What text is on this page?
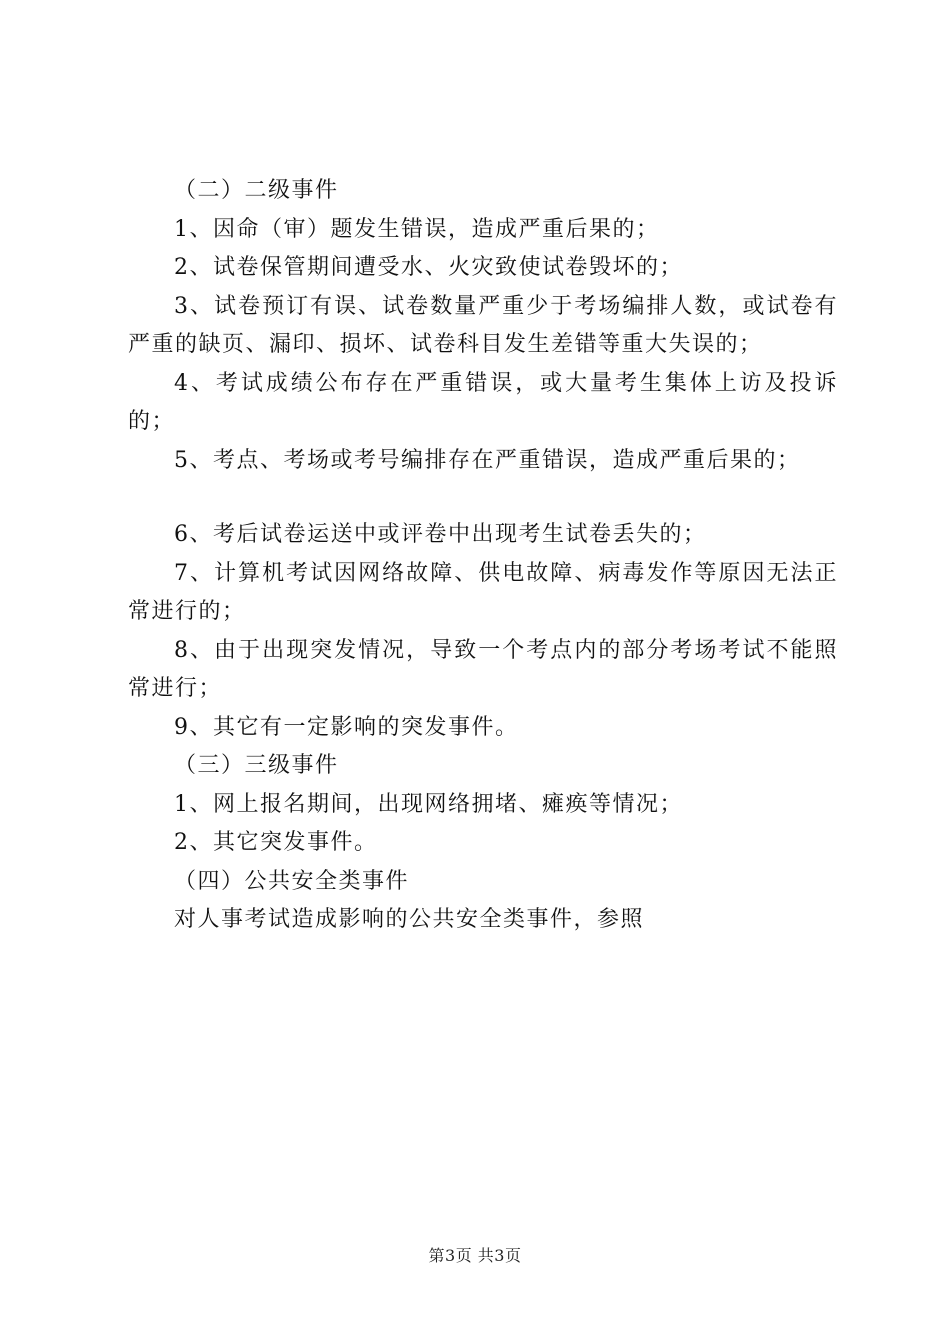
（二）二级事件

1、因命（审）题发生错误，造成严重后果的；

2、试卷保管期间遭受水、火灾致使试卷毁坏的；

3、试卷预订有误、试卷数量严重少于考场编排人数，或试卷有严重的缺页、漏印、损坏、试卷科目发生差错等重大失误的；

4、考试成绩公布存在严重错误，或大量考生集体上访及投诉的；

5、考点、考场或考号编排存在严重错误，造成严重后果的；

6、考后试卷运送中或评卷中出现考生试卷丢失的；

7、计算机考试因网络故障、供电故障、病毒发作等原因无法正常进行的；

8、由于出现突发情况，导致一个考点内的部分考场考试不能照常进行；

9、其它有一定影响的突发事件。

（三）三级事件

1、网上报名期间，出现网络拥堵、瘫痪等情况；

2、其它突发事件。

（四）公共安全类事件

对人事考试造成影响的公共安全类事件，参照

第3页 共3页
